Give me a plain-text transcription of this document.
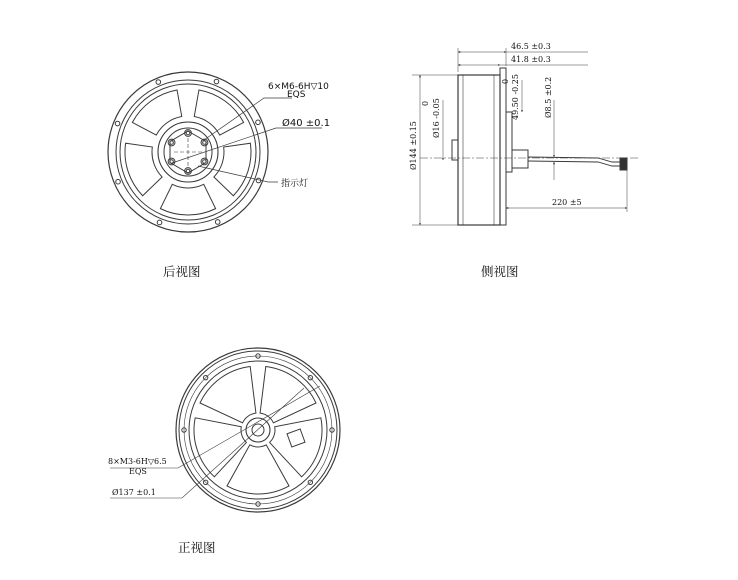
6×M6-6H▽10
EQS
Ø40 ±0.1
指示灯
后视图
46.5 ±0.3
41.8 ±0.3
Ø144 ±0.15
0 Ø16 -0.05
0 49.50 -0.25	Ø8.5 ±0.2
220 ±5
侧视图
8×M3-6H▽6.5
EQS
Ø137 ±0.1
正视图
